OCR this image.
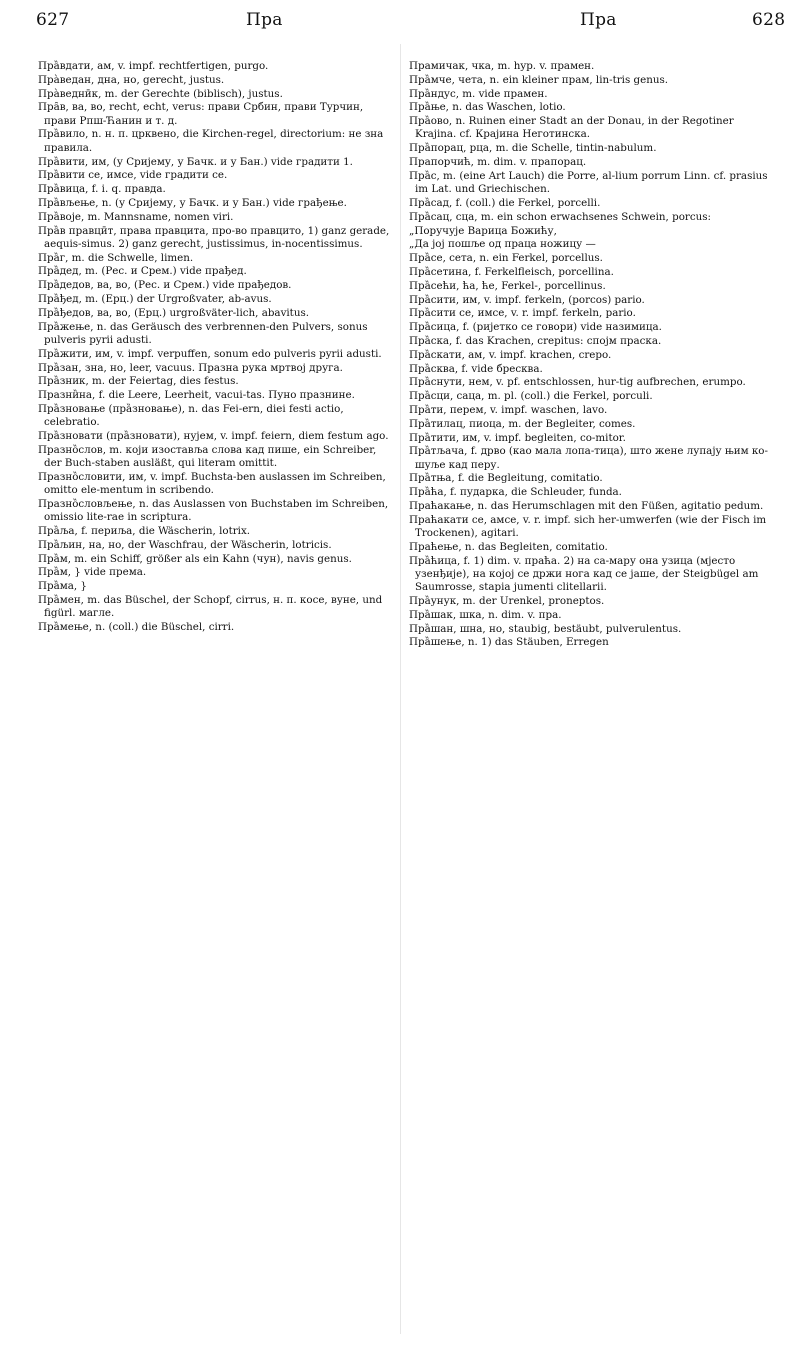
627	Пра	Пра	628
Пра̏вдати, ам, v. impf. rechtfertigen, purgo.
Пра̀ведан, дна, но, gerecht, justus.
Пра̀веднӣк, m. der Gerechte (biblisch), justus.
Пра̑в, ва, во, recht, echt, verus: прави Србин, прави Турчин, прави Рпш-Ћанин и т. д.
Пра̏вило, n. н. п. црквено, die Kirchen-regel, directorium: не зна правила.
Пра̏вити, им, (у Сријему, у Бачк. и у Бан.) vide градити 1.
Пра̏вити се, имсе, vide градити се.
Пра̏вица, f. i. q. правда.
Пра̏вљење, n. (у Сријему, у Бачк. и у Бан.) vide грађење.
Пра̏воје, m. Mannsname, nomen viri.
Пра̏в правцӣт, права правцита, про-во правцито, 1) ganz gerade, aequis-simus. 2) ganz gerecht, justissimus, in-nocentissimus.
Пра̏г, m. die Schwelle, limen.
Пра̏дед, m. (Рес. и Срем.) vide прађед.
Пра̏дедов, ва, во, (Рес. и Срем.) vide прађедов.
Пра̏ђед, m. (Ерц.) der Urgroßvater, ab-avus.
Пра̏ђедов, ва, во, (Ерц.) urgroßväter-lich, abavitus.
Пра̏жење, n. das Geräusch des verbrennen-den Pulvers, sonus pulveris pyrii adusti.
Пра̏жити, им, v. impf. verpuffen, sonum edo pulveris pyrii adusti.
Пра̏зан, зна, но, leer, vacuus. Празна рука мртвој друга.
Пра̏зник, m. der Feiertag, dies festus.
Празни̏на, f. die Leere, Leerheit, vacui-tas. Пуно празнине.
Пра̏зновање (пра̏зновање), n. das Fei-ern, diei festi actio, celebratio.
Пра̏зновати (пра̏зновати), нујем, v. impf. feiern, diem festum ago.
Празно̏слов, m. који изоставља слова кад пише, ein Schreiber, der Buch-staben ausläßt, qui literam omittit.
Празно̏словити, им, v. impf. Buchsta-ben auslassen im Schreiben, omitto ele-mentum in scribendo.
Празно̏словљење, n. das Auslassen von Buchstaben im Schreiben, omissio lite-rae in scriptura.
Пра̏ља, f. периља, die Wäscherin, lotrix.
Пра̏љин, на, но, der Waschfrau, der Wäscherin, lotricis.
Пра̏м, m. ein Schiff, größer als ein Kahn (чун), navis genus.
Пра̏м, } vide према.
Пра̏ма, }
Пра̏мен, m. das Büschel, der Schopf, cirrus, н. п. косе, вуне, und figürl. магле.
Пра̏мење, n. (coll.) die Büschel, cirri.
Прамичак, чка, m. hyp. v. прамен.
Пра̏мче, чета, n. ein kleiner прам, lin-tris genus.
Пра̏ндус, m. vide прамен.
Пра̏ње, n. das Waschen, lotio.
Пра̏ово, n. Ruinen einer Stadt an der Donau, in der Regotiner Krajina. cf. Крајина Неготинска.
Пра̏порац, рца, m. die Schelle, tintin-nabulum.
Прапорчић, m. dim. v. прапорац.
Пра̏с, m. (eine Art Lauch) die Porre, al-lium porrum Linn. cf. prasius im Lat. und Griechischen.
Пра̏сад, f. (coll.) die Ferkel, porcelli.
Пра̏сац, сца, m. ein schon erwachsenes Schwein, porcus:
„Поручује Варица Божићу,
„Да јој пошље од праца ножицу —
Пра̏се, сета, n. ein Ferkel, porcellus.
Пра̏сетина, f. Ferkelfleisch, porcellina.
Пра̏сећи, ћа, ће, Ferkel-, porcellinus.
Пра̏сити, им, v. impf. ferkeln, (porcos) pario.
Пра̏сити се, имсе, v. r. impf. ferkeln, pario.
Пра̏сица, f. (ријетко се говори) vide назимица.
Пра̏ска, f. das Krachen, crepitus: спојм праска.
Пра̏скати, ам, v. impf. krachen, crepo.
Пра̏сква, f. vide бресква.
Пра̏снути, нем, v. pf. entschlossen, hur-tig aufbrechen, erumpo.
Пра̏сци, саца, m. pl. (coll.) die Ferkel, porculi.
Пра̏ти, перем, v. impf. waschen, lavo.
Пра̏тилац, пиоца, m. der Begleiter, comes.
Пра̏тити, им, v. impf. begleiten, co-mitor.
Пра̏тљача, f. дрво (као мала лопа-тица), што жене лупају њим ко-шуље кад перу.
Пра̏тња, f. die Begleitung, comitatio.
Пра̏ћа, f. пударка, die Schleuder, funda.
Праћакање, n. das Herumschlagen mit den Füßen, agitatio pedum.
Праћакати се, амсе, v. r. impf. sich her-umwerfen (wie der Fisch im Trockenen), agitari.
Праћење, n. das Begleiten, comitatio.
Пра̏ћица, f. 1) dim. v. праћа. 2) на са-мару она узица (мјесто узенђије), на којој се држи нога кад се јаше, der Steigbügel am Saumrosse, stapia jumenti clitellarii.
Пра̏унук, m. der Urenkel, proneptos.
Пра̏шак, шка, n. dim. v. пра.
Пра̏шан, шна, но, staubig, bestäubt, pulverulentus.
Пра̏шење, n. 1) das Stäuben, Erregen
